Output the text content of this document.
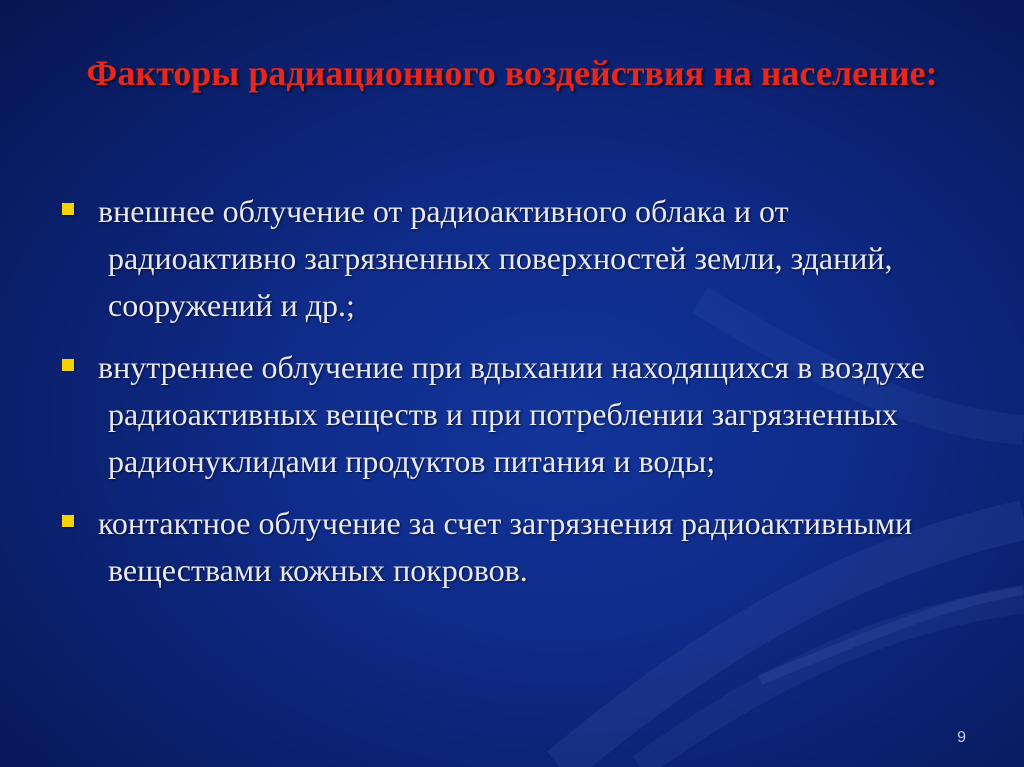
Факторы радиационного воздействия на население:
внешнее облучение от радиоактивного облака и от радиоактивно загрязненных поверхностей земли, зданий, сооружений и др.;
внутреннее облучение при вдыхании находящихся в воздухе радиоактивных веществ и при потреблении загрязненных радионуклидами продуктов питания и воды;
контактное облучение за счет загрязнения радиоактивными веществами кожных покровов.
9
